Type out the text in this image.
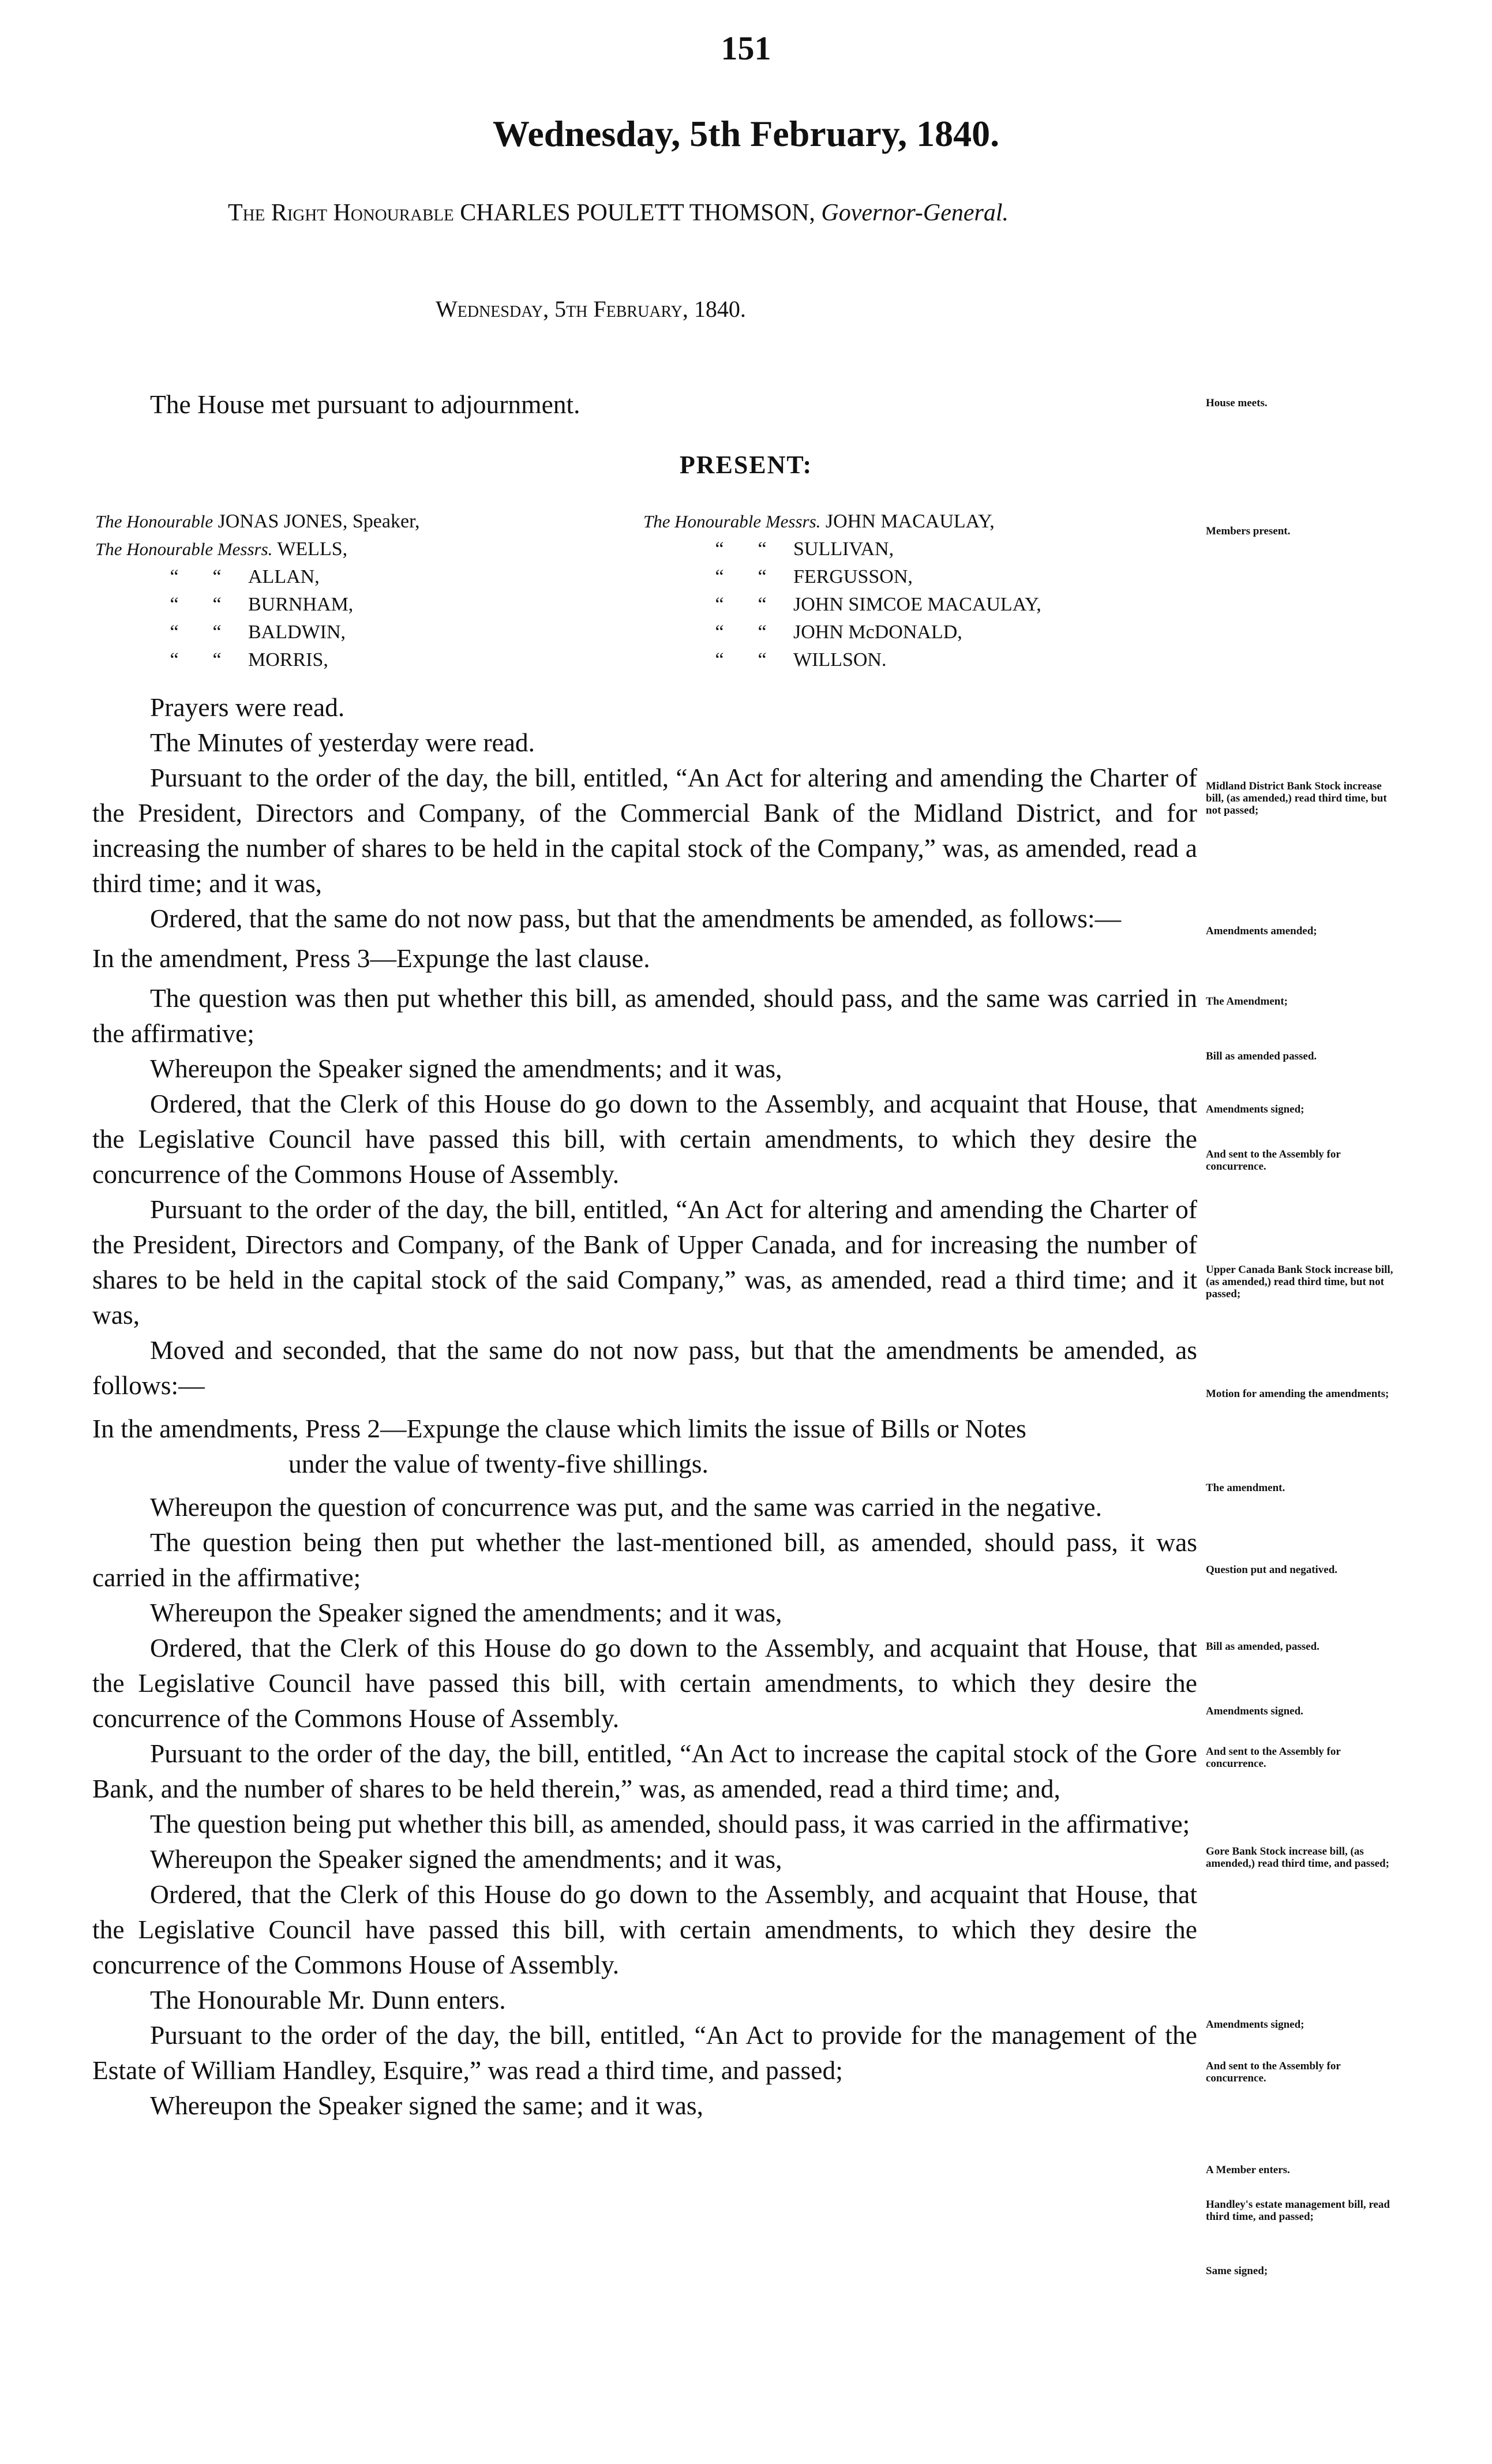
151
Wednesday, 5th February, 1840.
The Right Honourable CHARLES POULETT THOMSON, Governor-General.
Wednesday, 5th February, 1840.

The House met pursuant to adjournment.

PRESENT:
The Honourable JONAS JONES, Speaker,
The Honourable Messrs. WELLS,
“ “ ALLAN,
“ “ BURNHAM,
“ “ BALDWIN,
“ “ MORRIS,
The Honourable Messrs. JOHN MACAULAY,
“ “ SULLIVAN,
“ “ FERGUSSON,
“ “ JOHN SIMCOE MACAULAY,
“ “ JOHN McDONALD,
“ “ WILLSON.

Prayers were read.

The Minutes of yesterday were read.

Pursuant to the order of the day, the bill, entitled, “An Act for altering and amending the Charter of the President, Directors and Company, of the Commercial Bank of the Midland District, and for increasing the number of shares to be held in the capital stock of the Company,” was, as amended, read a third time; and it was,

Ordered, that the same do not now pass, but that the amendments be amended, as follows:—

In the amendment, Press 3—Expunge the last clause.

The question was then put whether this bill, as amended, should pass, and the same was carried in the affirmative;

Whereupon the Speaker signed the amendments; and it was,

Ordered, that the Clerk of this House do go down to the Assembly, and acquaint that House, that the Legislative Council have passed this bill, with certain amendments, to which they desire the concurrence of the Commons House of Assembly.

Pursuant to the order of the day, the bill, entitled, “An Act for altering and amending the Charter of the President, Directors and Company, of the Bank of Upper Canada, and for increasing the number of shares to be held in the capital stock of the said Company,” was, as amended, read a third time; and it was,

Moved and seconded, that the same do not now pass, but that the amendments be amended, as follows:—

In the amendments, Press 2—Expunge the clause which limits the issue of Bills or Notes

under the value of twenty-five shillings.

Whereupon the question of concurrence was put, and the same was carried in the negative.

The question being then put whether the last-mentioned bill, as amended, should pass, it was carried in the affirmative;

Whereupon the Speaker signed the amendments; and it was,

Ordered, that the Clerk of this House do go down to the Assembly, and acquaint that House, that the Legislative Council have passed this bill, with certain amendments, to which they desire the concurrence of the Commons House of Assembly.

Pursuant to the order of the day, the bill, entitled, “An Act to increase the capital stock of the Gore Bank, and the number of shares to be held therein,” was, as amended, read a third time; and,

The question being put whether this bill, as amended, should pass, it was carried in the affirmative;

Whereupon the Speaker signed the amendments; and it was,

Ordered, that the Clerk of this House do go down to the Assembly, and acquaint that House, that the Legislative Council have passed this bill, with certain amendments, to which they desire the concurrence of the Commons House of Assembly.

The Honourable Mr. Dunn enters.

Pursuant to the order of the day, the bill, entitled, “An Act to provide for the management of the Estate of William Handley, Esquire,” was read a third time, and passed;

Whereupon the Speaker signed the same; and it was,

House meets.
Members present.
Midland District Bank Stock increase bill, (as amended,) read third time, but not passed;
Amendments amended;
The Amendment;
Bill as amended passed.
Amendments signed;
And sent to the Assembly for concurrence.
Upper Canada Bank Stock increase bill, (as amended,) read third time, but not passed;
Motion for amending the amendments;
The amendment.
Question put and negatived.
Bill as amended, passed.
Amendments signed.
And sent to the Assembly for concurrence.
Gore Bank Stock increase bill, (as amended,) read third time, and passed;
Amendments signed;
And sent to the Assembly for concurrence.
A Member enters.
Handley's estate management bill, read third time, and passed;
Same signed;
